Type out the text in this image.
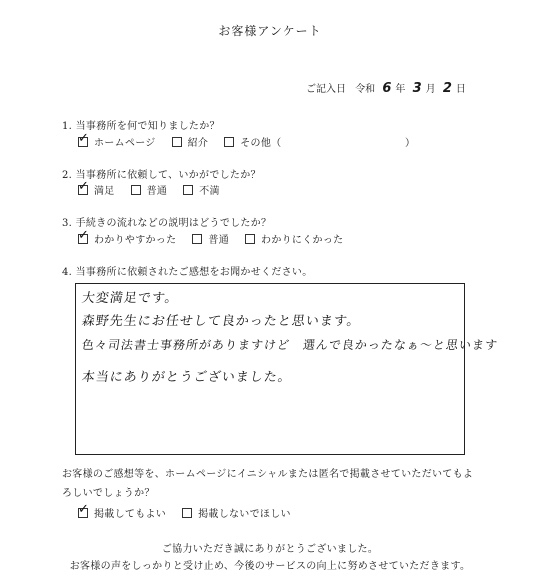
お客様アンケート
ご記入日 令和 6 年 3 月 2 日
1. 当事務所を何で知りましたか？
✓
ホームページ	紹介	その他（　　　　　　　　　　　　）
2. 当事務所に依頼して、いかがでしたか？
✓
満足	普通	不満
3. 手続きの流れなどの説明はどうでしたか？
✓
わかりやすかった	普通	わかりにくかった
4. 当事務所に依頼されたご感想をお聞かせください。
大変満足です。
森野先生にお任せして良かったと思います。
色々司法書士事務所がありますけど　選んで良かったなぁ～と思います
本当にありがとうございました。
お客様のご感想等を、ホームページにイニシャルまたは匿名で掲載させていただいてもよ
ろしいでしょうか？
✓
掲載してもよい	掲載しないでほしい
ご協力いただき誠にありがとうございました。
お客様の声をしっかりと受け止め、今後のサービスの向上に努めさせていただきます。
